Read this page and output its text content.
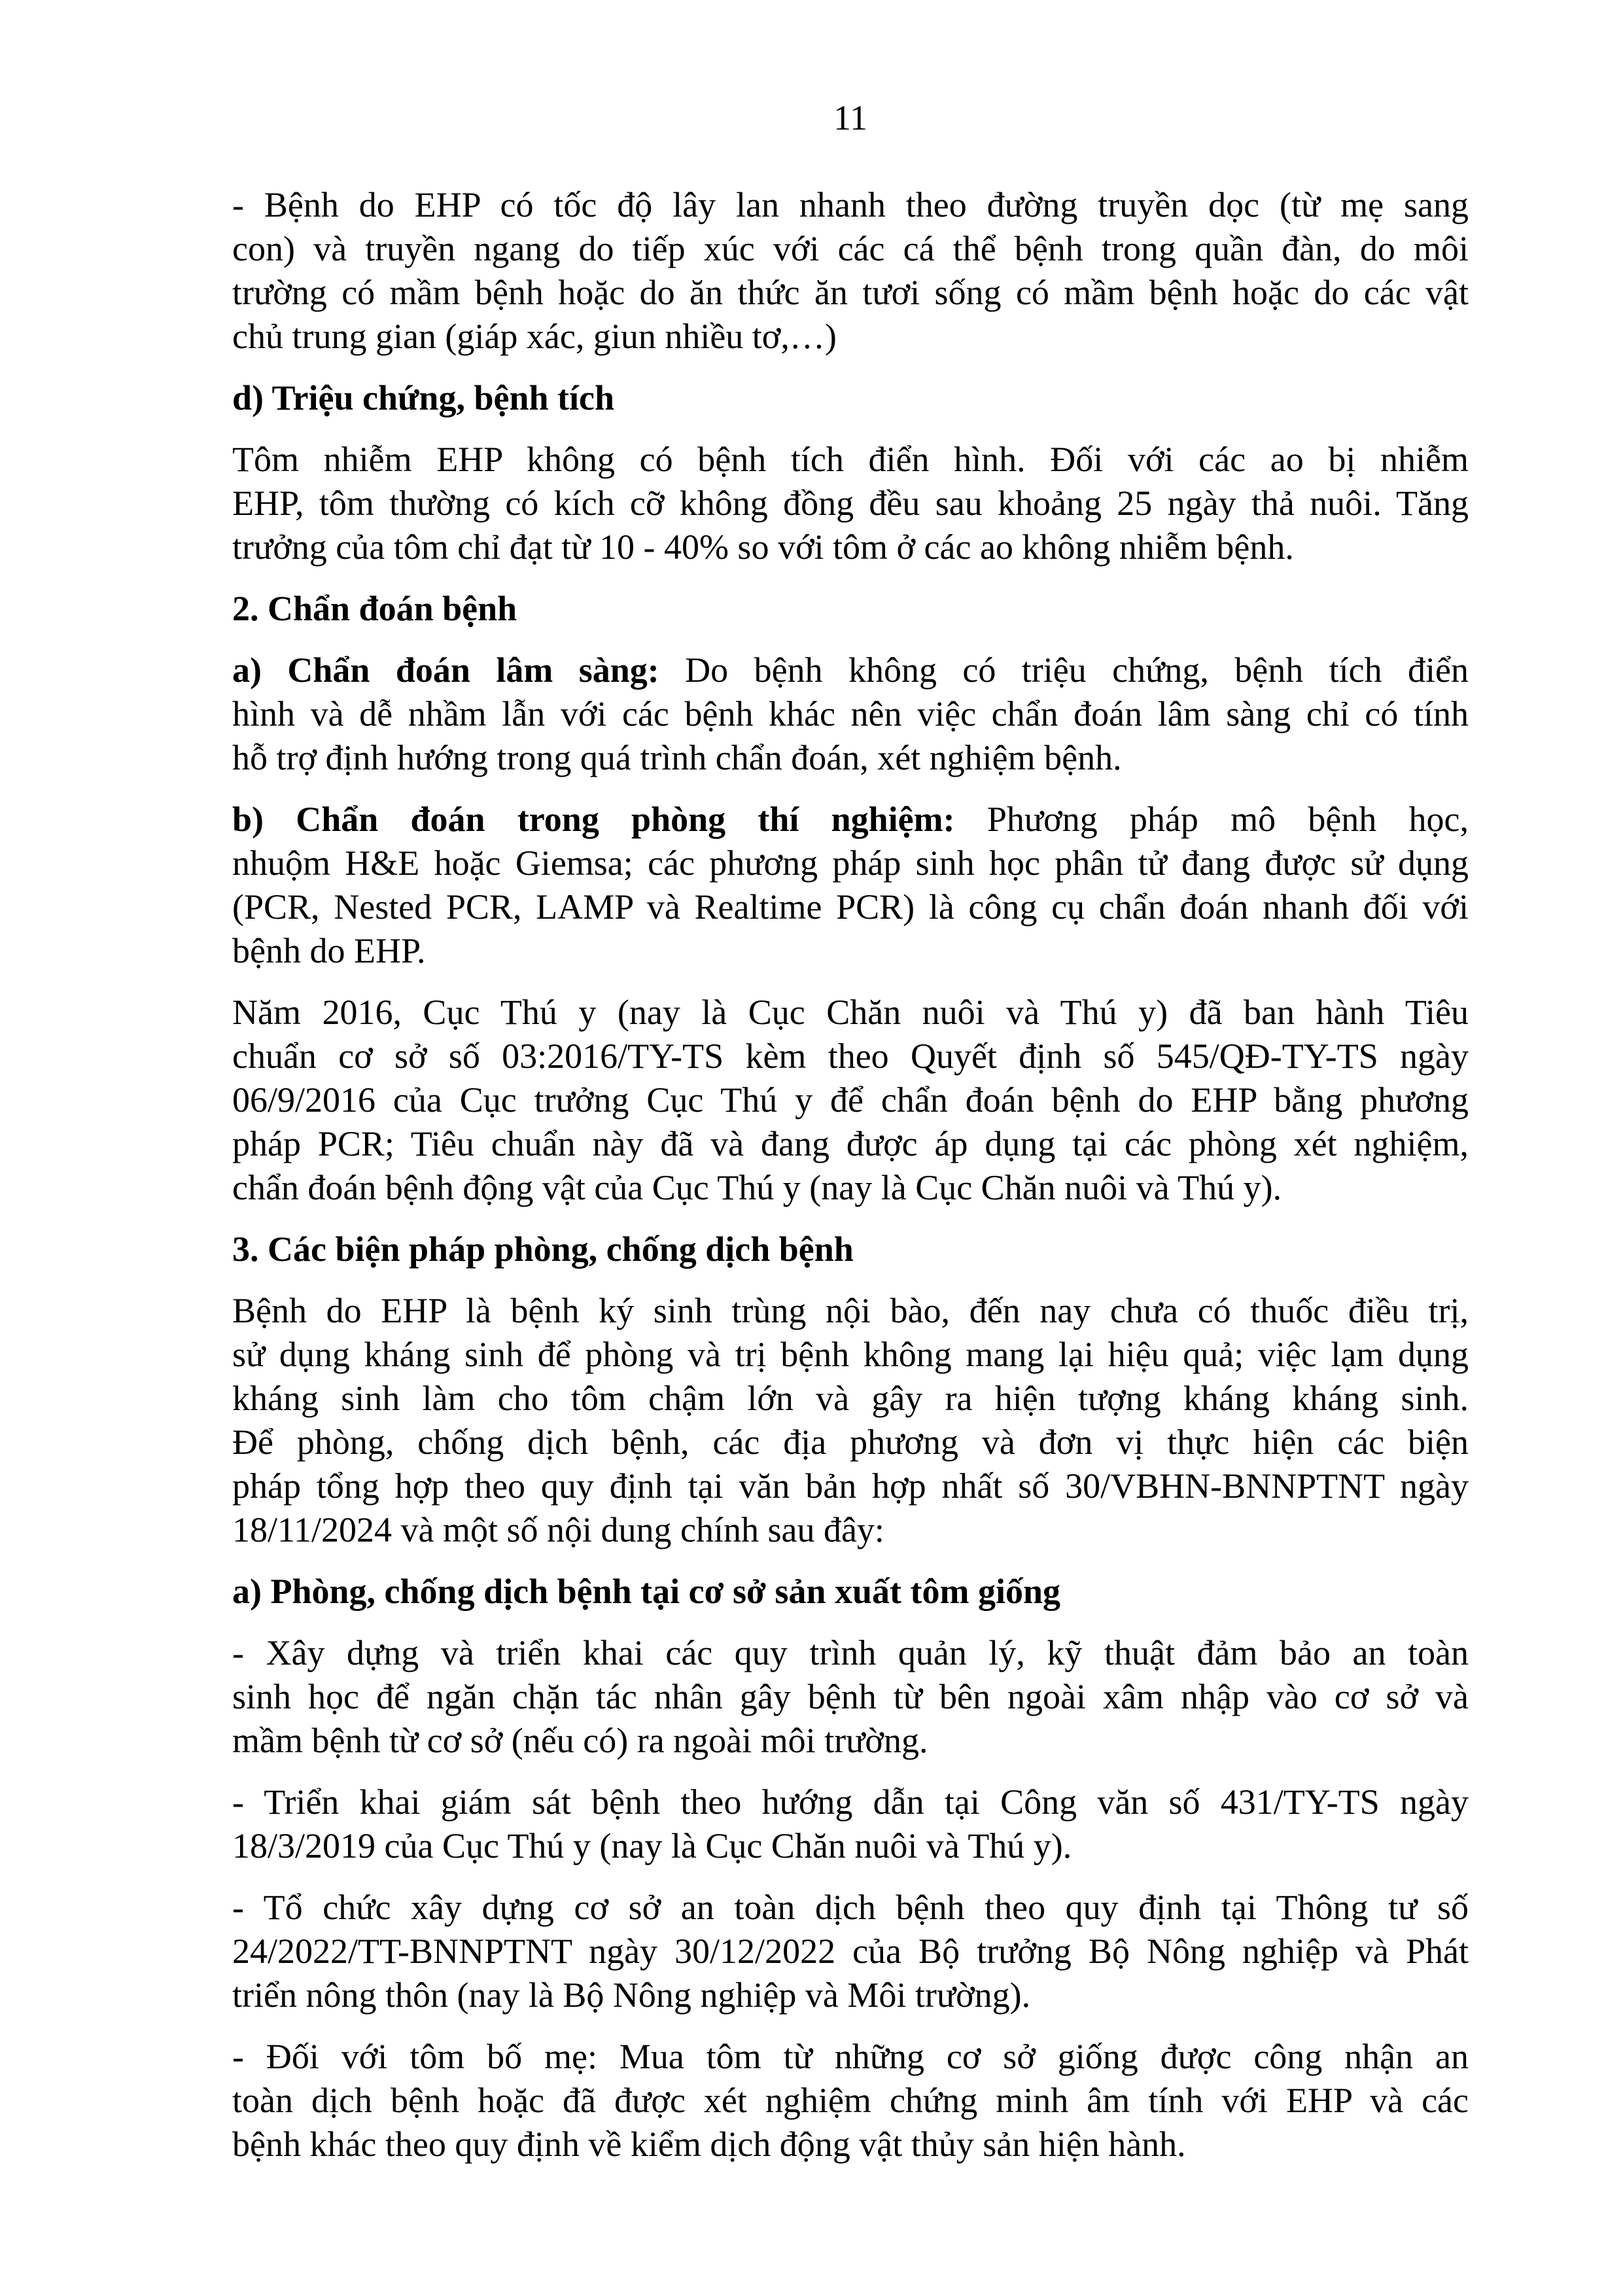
11
- Bệnh do EHP có tốc độ lây lan nhanh theo đường truyền dọc (từ mẹ sang
con) và truyền ngang do tiếp xúc với các cá thể bệnh trong quần đàn, do môi
trường có mầm bệnh hoặc do ăn thức ăn tươi sống có mầm bệnh hoặc do các vật
chủ trung gian (giáp xác, giun nhiều tơ,…)
d) Triệu chứng, bệnh tích
Tôm nhiễm EHP không có bệnh tích điển hình. Đối với các ao bị nhiễm
EHP, tôm thường có kích cỡ không đồng đều sau khoảng 25 ngày thả nuôi. Tăng
trưởng của tôm chỉ đạt từ 10 - 40% so với tôm ở các ao không nhiễm bệnh.
2. Chẩn đoán bệnh
a) Chẩn đoán lâm sàng: Do bệnh không có triệu chứng, bệnh tích điển
hình và dễ nhầm lẫn với các bệnh khác nên việc chẩn đoán lâm sàng chỉ có tính
hỗ trợ định hướng trong quá trình chẩn đoán, xét nghiệm bệnh.
b) Chẩn đoán trong phòng thí nghiệm: Phương pháp mô bệnh học,
nhuộm H&E hoặc Giemsa; các phương pháp sinh học phân tử đang được sử dụng
(PCR, Nested PCR, LAMP và Realtime PCR) là công cụ chẩn đoán nhanh đối với
bệnh do EHP.
Năm 2016, Cục Thú y (nay là Cục Chăn nuôi và Thú y) đã ban hành Tiêu
chuẩn cơ sở số 03:2016/TY-TS kèm theo Quyết định số 545/QĐ-TY-TS ngày
06/9/2016 của Cục trưởng Cục Thú y để chẩn đoán bệnh do EHP bằng phương
pháp PCR; Tiêu chuẩn này đã và đang được áp dụng tại các phòng xét nghiệm,
chẩn đoán bệnh động vật của Cục Thú y (nay là Cục Chăn nuôi và Thú y).
3. Các biện pháp phòng, chống dịch bệnh
Bệnh do EHP là bệnh ký sinh trùng nội bào, đến nay chưa có thuốc điều trị,
sử dụng kháng sinh để phòng và trị bệnh không mang lại hiệu quả; việc lạm dụng
kháng sinh làm cho tôm chậm lớn và gây ra hiện tượng kháng kháng sinh.
Để phòng, chống dịch bệnh, các địa phương và đơn vị thực hiện các biện
pháp tổng hợp theo quy định tại văn bản hợp nhất số 30/VBHN-BNNPTNT ngày
18/11/2024 và một số nội dung chính sau đây:
a) Phòng, chống dịch bệnh tại cơ sở sản xuất tôm giống
- Xây dựng và triển khai các quy trình quản lý, kỹ thuật đảm bảo an toàn
sinh học để ngăn chặn tác nhân gây bệnh từ bên ngoài xâm nhập vào cơ sở và
mầm bệnh từ cơ sở (nếu có) ra ngoài môi trường.
- Triển khai giám sát bệnh theo hướng dẫn tại Công văn số 431/TY-TS ngày
18/3/2019 của Cục Thú y (nay là Cục Chăn nuôi và Thú y).
- Tổ chức xây dựng cơ sở an toàn dịch bệnh theo quy định tại Thông tư số
24/2022/TT-BNNPTNT ngày 30/12/2022 của Bộ trưởng Bộ Nông nghiệp và Phát
triển nông thôn (nay là Bộ Nông nghiệp và Môi trường).
- Đối với tôm bố mẹ: Mua tôm từ những cơ sở giống được công nhận an
toàn dịch bệnh hoặc đã được xét nghiệm chứng minh âm tính với EHP và các
bệnh khác theo quy định về kiểm dịch động vật thủy sản hiện hành.
